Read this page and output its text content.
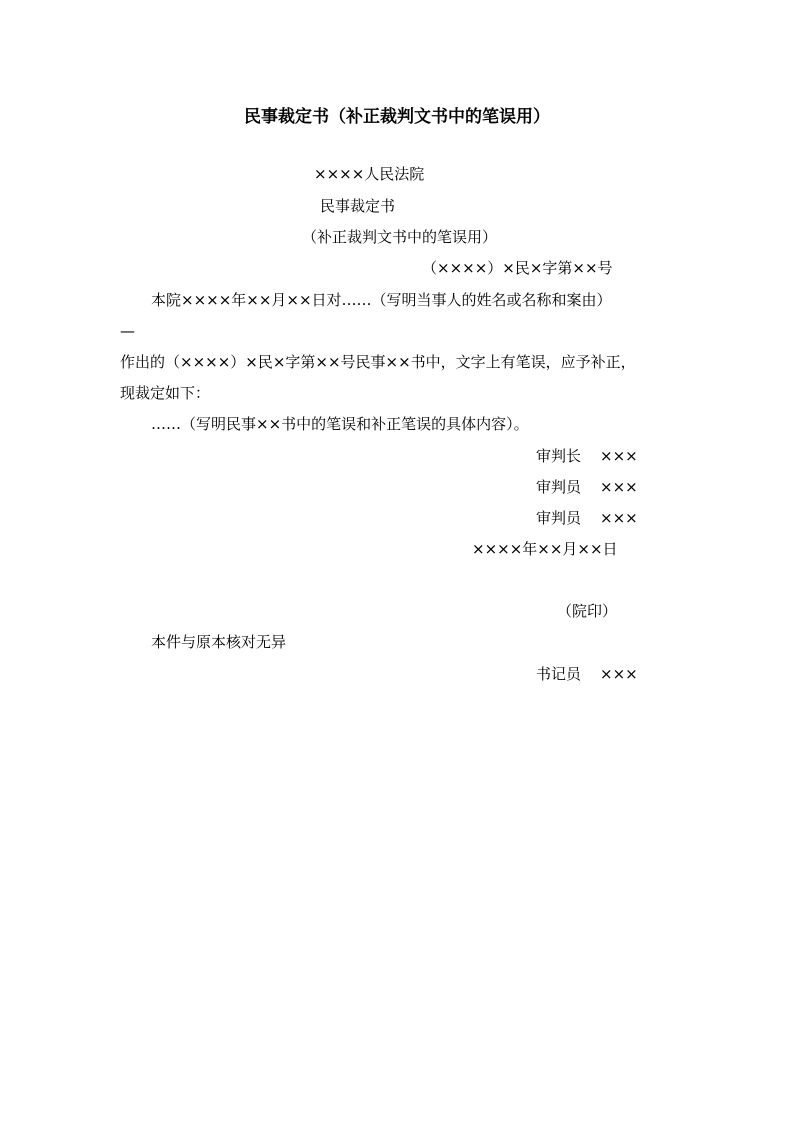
民事裁定书（补正裁判文书中的笔误用）
××××人民法院
民事裁定书
（补正裁判文书中的笔误用）
（××××）×民×字第××号
本院××××年××月××日对……（写明当事人的姓名或名称和案由）
—
作出的（××××）×民×字第××号民事××书中，文字上有笔误，应予补正，
现裁定如下：
……（写明民事××书中的笔误和补正笔误的具体内容）。
审判长 ×××
审判员 ×××
审判员 ×××
××××年××月××日
（院印）
本件与原本核对无异
书记员 ×××
